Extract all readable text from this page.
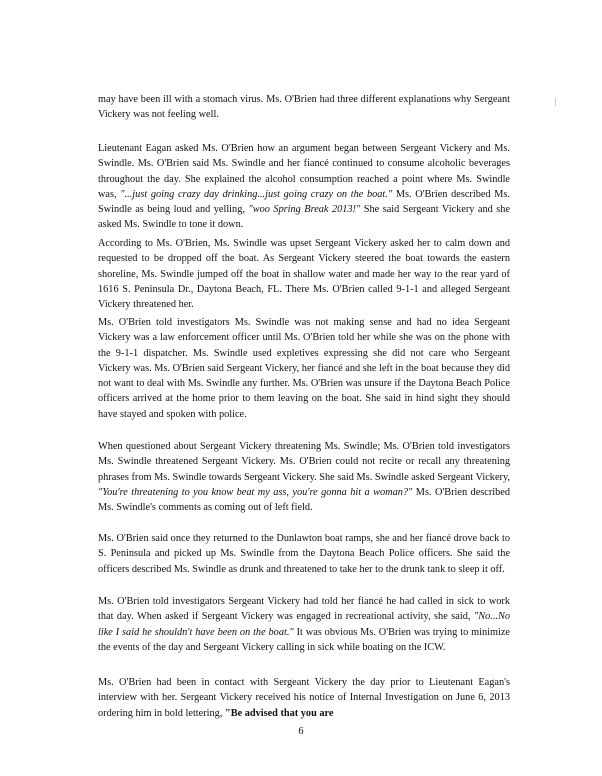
may have been ill with a stomach virus. Ms. O'Brien had three different explanations why Sergeant Vickery was not feeling well.

Lieutenant Eagan asked Ms. O'Brien how an argument began between Sergeant Vickery and Ms. Swindle. Ms. O'Brien said Ms. Swindle and her fiancé continued to consume alcoholic beverages throughout the day. She explained the alcohol consumption reached a point where Ms. Swindle was, "...just going crazy day drinking...just going crazy on the boat." Ms. O'Brien described Ms. Swindle as being loud and yelling, "woo Spring Break 2013!" She said Sergeant Vickery and she asked Ms. Swindle to tone it down.

According to Ms. O'Brien, Ms. Swindle was upset Sergeant Vickery asked her to calm down and requested to be dropped off the boat. As Sergeant Vickery steered the boat towards the eastern shoreline, Ms. Swindle jumped off the boat in shallow water and made her way to the rear yard of 1616 S. Peninsula Dr., Daytona Beach, FL. There Ms. O'Brien called 9-1-1 and alleged Sergeant Vickery threatened her.

Ms. O'Brien told investigators Ms. Swindle was not making sense and had no idea Sergeant Vickery was a law enforcement officer until Ms. O'Brien told her while she was on the phone with the 9-1-1 dispatcher. Ms. Swindle used expletives expressing she did not care who Sergeant Vickery was. Ms. O'Brien said Sergeant Vickery, her fiancé and she left in the boat because they did not want to deal with Ms. Swindle any further. Ms. O'Brien was unsure if the Daytona Beach Police officers arrived at the home prior to them leaving on the boat. She said in hind sight they should have stayed and spoken with police.

When questioned about Sergeant Vickery threatening Ms. Swindle; Ms. O'Brien told investigators Ms. Swindle threatened Sergeant Vickery. Ms. O'Brien could not recite or recall any threatening phrases from Ms. Swindle towards Sergeant Vickery. She said Ms. Swindle asked Sergeant Vickery, "You're threatening to you know beat my ass, you're gonna hit a woman?" Ms. O'Brien described Ms. Swindle's comments as coming out of left field.

Ms. O'Brien said once they returned to the Dunlawton boat ramps, she and her fiancé drove back to S. Peninsula and picked up Ms. Swindle from the Daytona Beach Police officers. She said the officers described Ms. Swindle as drunk and threatened to take her to the drunk tank to sleep it off.

Ms. O'Brien told investigators Sergeant Vickery had told her fiancé he had called in sick to work that day. When asked if Sergeant Vickery was engaged in recreational activity, she said, "No...No like I said he shouldn't have been on the boat." It was obvious Ms. O'Brien was trying to minimize the events of the day and Sergeant Vickery calling in sick while boating on the ICW.

Ms. O'Brien had been in contact with Sergeant Vickery the day prior to Lieutenant Eagan's interview with her. Sergeant Vickery received his notice of Internal Investigation on June 6, 2013 ordering him in bold lettering, "Be advised that you are

6
